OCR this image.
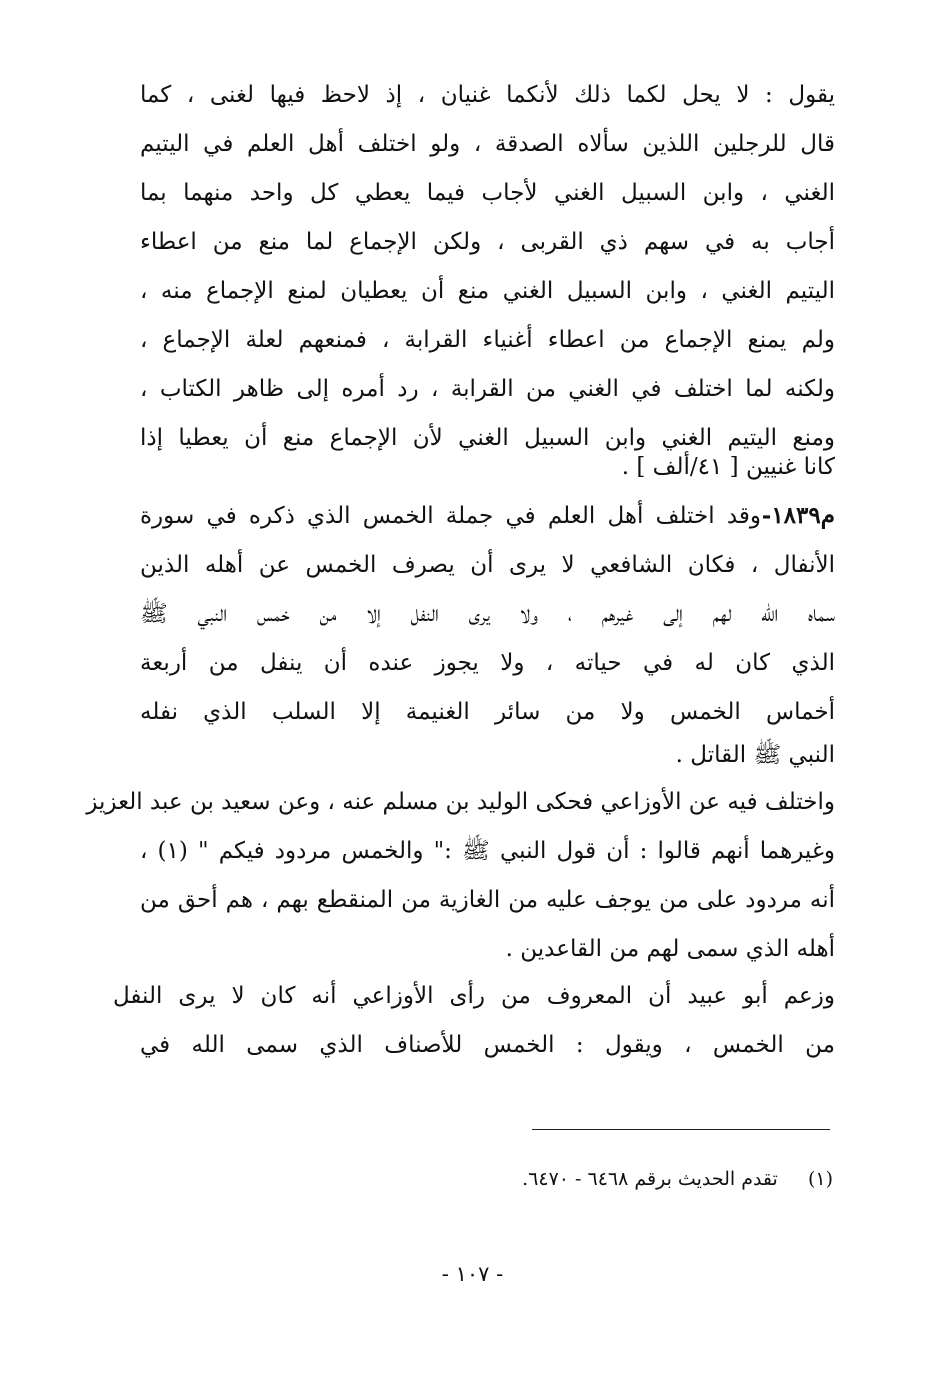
يقول : لا يحل لكما ذلك لأنكما غنيان ، إذ لاحظ فيها لغنى ، كما
قال للرجلين اللذين سألاه الصدقة ، ولو اختلف أهل العلم في اليتيم
الغني ، وابن السبيل الغني لأجاب فيما يعطي كل واحد منهما بما
أجاب به في سهم ذي القربى ، ولكن الإجماع لما منع من اعطاء
اليتيم الغني ، وابن السبيل الغني منع أن يعطيان لمنع الإجماع منه ،
ولم يمنع الإجماع من اعطاء أغنياء القرابة ، فمنعهم لعلة الإجماع ،
ولكنه لما اختلف في الغني من القرابة ، رد أمره إلى ظاهر الكتاب ،
ومنع اليتيم الغني وابن السبيل الغني لأن الإجماع منع أن يعطيا إذا
كانا غنيين [ ٤١/ألف ] .
م١٨٣٩-
وقد اختلف أهل العلم في جملة الخمس الذي ذكره في سورة
الأنفال ، فكان الشافعي لا يرى أن يصرف الخمس عن أهله الذين
سماه الله لهم إلى غيرهم ، ولا يرى النفل إلا من خمس النبي ﷺ
الذي كان له في حياته ، ولا يجوز عنده أن ينفل من أربعة
أخماس الخمس ولا من سائر الغنيمة إلا السلب الذي نفله
النبي ﷺ القاتل .
واختلف فيه عن الأوزاعي فحكى الوليد بن مسلم عنه ، وعن سعيد بن عبد العزيز
وغيرهما أنهم قالوا : أن قول النبي ﷺ :" والخمس مردود فيكم " (١) ،
أنه مردود على من يوجف عليه من الغازية من المنقطع بهم ، هم أحق من
أهله الذي سمى لهم من القاعدين .
وزعم أبو عبيد أن المعروف من رأى الأوزاعي أنه كان لا يرى النفل
من الخمس ، ويقول : الخمس للأصناف الذي سمى الله في
(١)  تقدم الحديث برقم ٦٤٦٨ - ٦٤٧٠.
- ١٠٧ -
